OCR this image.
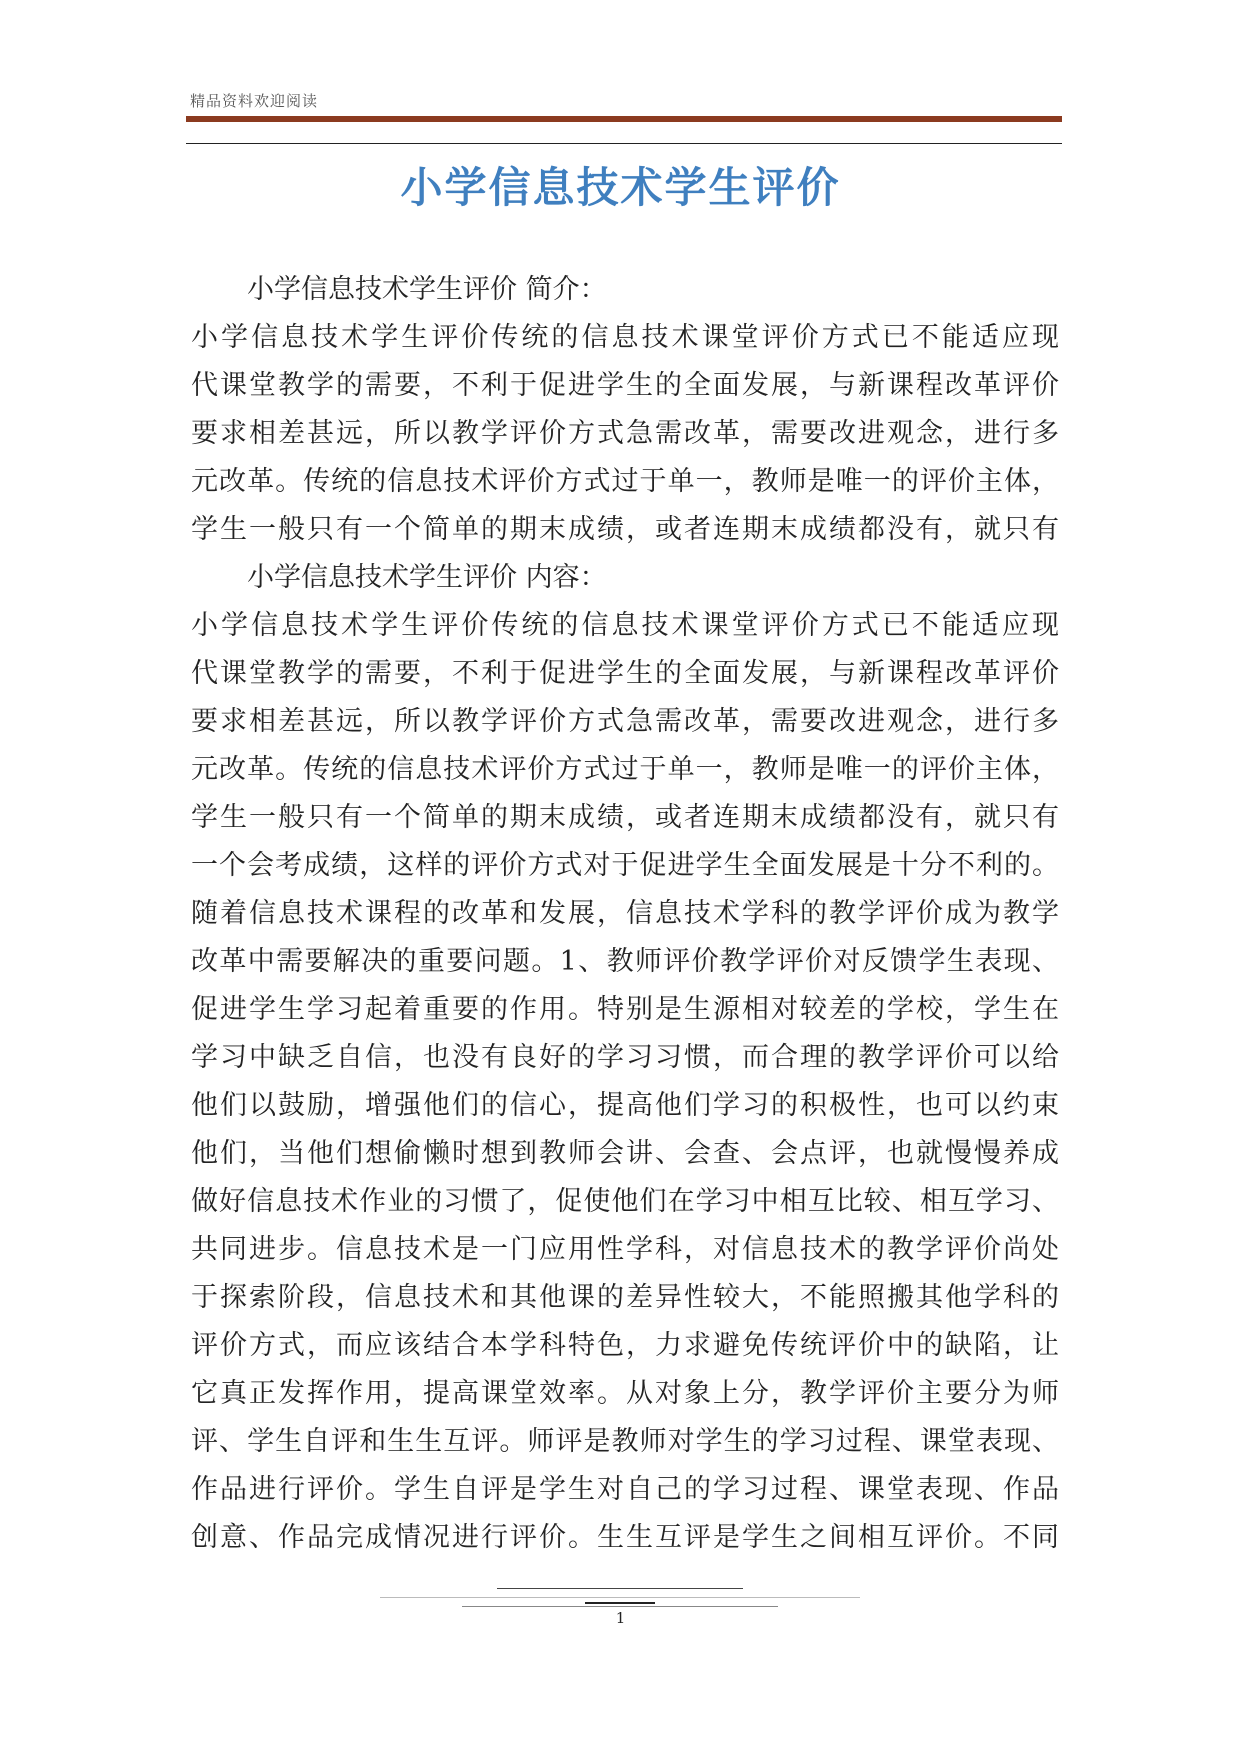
精品资料欢迎阅读
小学信息技术学生评价
小学信息技术学生评价 简介：
小学信息技术学生评价传统的信息技术课堂评价方式已不能适应现
代课堂教学的需要，不利于促进学生的全面发展，与新课程改革评价
要求相差甚远，所以教学评价方式急需改革，需要改进观念，进行多
元改革。传统的信息技术评价方式过于单一，教师是唯一的评价主体，
学生一般只有一个简单的期末成绩，或者连期末成绩都没有，就只有
小学信息技术学生评价 内容：
小学信息技术学生评价传统的信息技术课堂评价方式已不能适应现
代课堂教学的需要，不利于促进学生的全面发展，与新课程改革评价
要求相差甚远，所以教学评价方式急需改革，需要改进观念，进行多
元改革。传统的信息技术评价方式过于单一，教师是唯一的评价主体，
学生一般只有一个简单的期末成绩，或者连期末成绩都没有，就只有
一个会考成绩，这样的评价方式对于促进学生全面发展是十分不利的。
随着信息技术课程的改革和发展，信息技术学科的教学评价成为教学
改革中需要解决的重要问题。1、教师评价教学评价对反馈学生表现、
促进学生学习起着重要的作用。特别是生源相对较差的学校，学生在
学习中缺乏自信，也没有良好的学习习惯，而合理的教学评价可以给
他们以鼓励，增强他们的信心，提高他们学习的积极性，也可以约束
他们，当他们想偷懒时想到教师会讲、会查、会点评，也就慢慢养成
做好信息技术作业的习惯了，促使他们在学习中相互比较、相互学习、
共同进步。信息技术是一门应用性学科，对信息技术的教学评价尚处
于探索阶段，信息技术和其他课的差异性较大，不能照搬其他学科的
评价方式，而应该结合本学科特色，力求避免传统评价中的缺陷，让
它真正发挥作用，提高课堂效率。从对象上分，教学评价主要分为师
评、学生自评和生生互评。师评是教师对学生的学习过程、课堂表现、
作品进行评价。学生自评是学生对自己的学习过程、课堂表现、作品
创意、作品完成情况进行评价。生生互评是学生之间相互评价。不同
1
